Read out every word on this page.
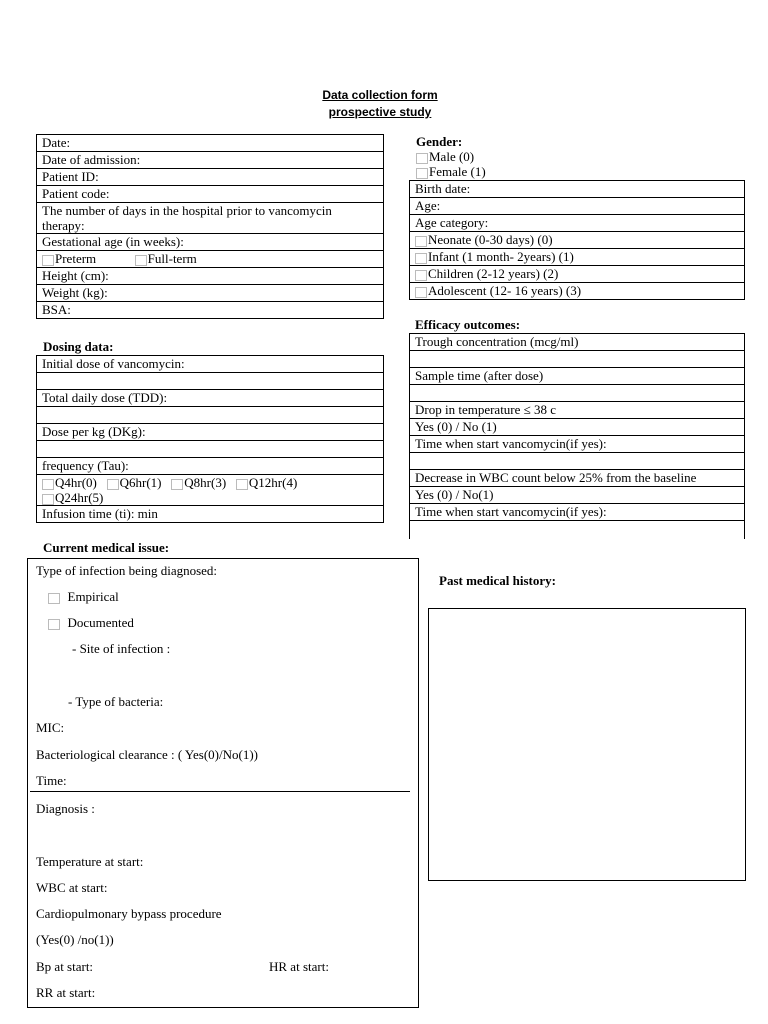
Data collection form
prospective study
Date:
Date of admission:
Patient ID:
Patient code:
The number of days in the hospital prior to vancomycin
therapy:
Gestational age (in weeks):
Preterm	Full-term
Height (cm):
Weight (kg):
BSA:
Gender:
Male (0)
Female (1)
Birth date:
Age:
Age category:
Neonate (0-30 days) (0)
Infant (1 month- 2years) (1)
Children (2-12 years) (2)
Adolescent (12- 16 years) (3)
Dosing data:
Initial dose of vancomycin:

Total daily dose (TDD):

Dose per kg (DKg):

frequency (Tau):
Q4hr(0) Q6hr(1) Q8hr(3) Q12hr(4)
Q24hr(5)
Infusion time (ti): min
Efficacy outcomes:
Trough concentration (mcg/ml)

Sample time (after dose)

Drop in temperature ≤ 38 c
Yes (0) / No (1)
Time when start vancomycin(if yes):

Decrease in WBC count below 25% from the baseline
Yes (0) / No(1)
Time when start vancomycin(if yes):

Current medical issue:
Type of infection being diagnosed:
Empirical
Documented
- Site of infection :
- Type of bacteria:
MIC:
Bacteriological clearance : ( Yes(0)/No(1))
Time:
Diagnosis :
Temperature at start:
WBC at start:
Cardiopulmonary bypass procedure
(Yes(0) /no(1))
Bp at start:	HR at start:
RR at start:
Past medical history:
